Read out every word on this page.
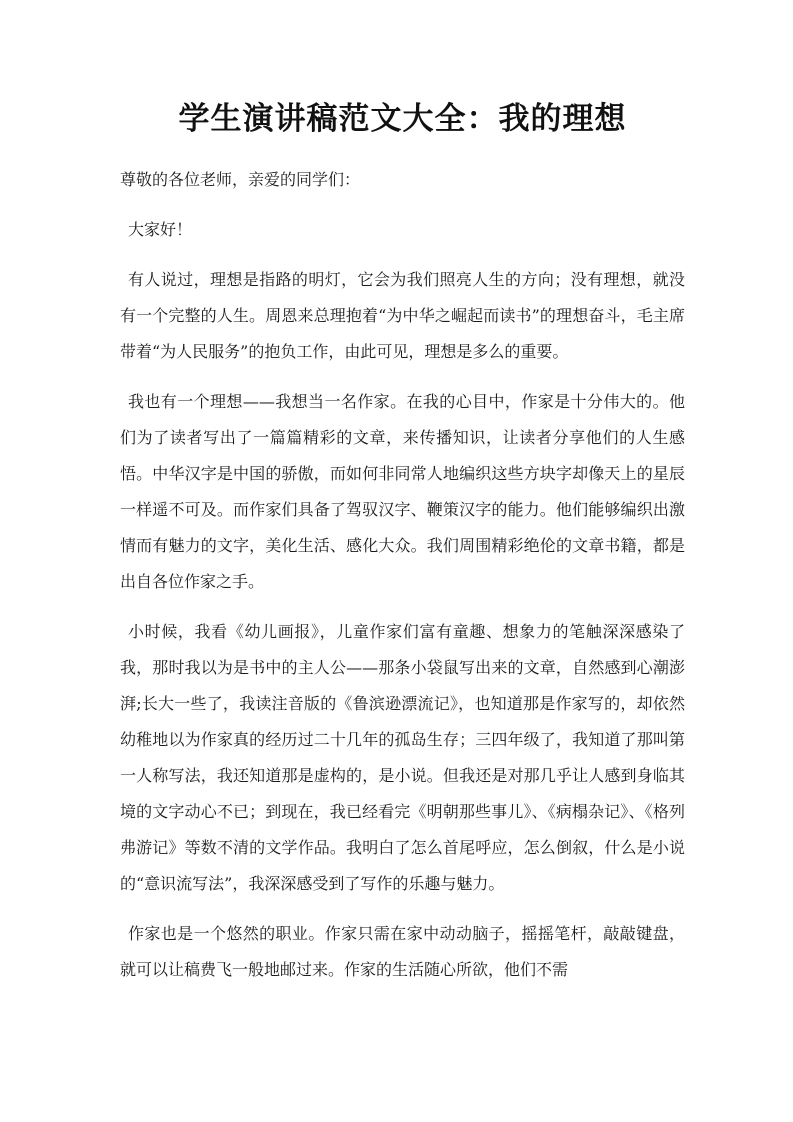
学生演讲稿范文大全：我的理想

尊敬的各位老师，亲爱的同学们：

大家好！

有人说过，理想是指路的明灯，它会为我们照亮人生的方向；没有理想，就没有一个完整的人生。周恩来总理抱着“为中华之崛起而读书”的理想奋斗，毛主席带着“为人民服务”的抱负工作，由此可见，理想是多么的重要。

我也有一个理想——我想当一名作家。在我的心目中，作家是十分伟大的。他们为了读者写出了一篇篇精彩的文章，来传播知识，让读者分享他们的人生感悟。中华汉字是中国的骄傲，而如何非同常人地编织这些方块字却像天上的星辰一样遥不可及。而作家们具备了驾驭汉字、鞭策汉字的能力。他们能够编织出激情而有魅力的文字，美化生活、感化大众。我们周围精彩绝伦的文章书籍，都是出自各位作家之手。

小时候，我看《幼儿画报》，儿童作家们富有童趣、想象力的笔触深深感染了我，那时我以为是书中的主人公——那条小袋鼠写出来的文章，自然感到心潮澎湃;长大一些了，我读注音版的《鲁滨逊漂流记》，也知道那是作家写的，却依然幼稚地以为作家真的经历过二十几年的孤岛生存；三四年级了，我知道了那叫第一人称写法，我还知道那是虚构的，是小说。但我还是对那几乎让人感到身临其境的文字动心不已；到现在，我已经看完《明朝那些事儿》、《病榻杂记》、《格列弗游记》等数不清的文学作品。我明白了怎么首尾呼应，怎么倒叙，什么是小说的“意识流写法”，我深深感受到了写作的乐趣与魅力。

作家也是一个悠然的职业。作家只需在家中动动脑子，摇摇笔杆，敲敲键盘，就可以让稿费飞一般地邮过来。作家的生活随心所欲，他们不需
